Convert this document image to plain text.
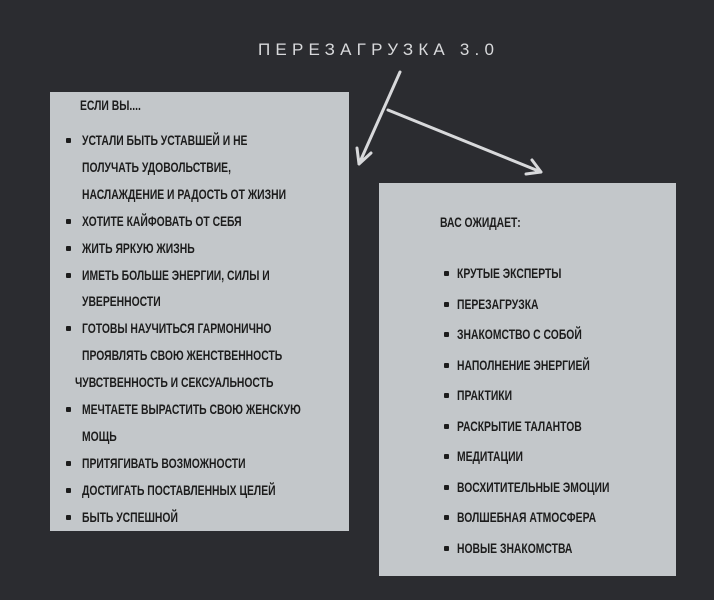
ПЕРЕЗАГРУЗКА 3.0
ЕСЛИ ВЫ....
УСТАЛИ БЫТЬ УСТАВШЕЙ И НЕ
ПОЛУЧАТЬ УДОВОЛЬСТВИЕ,
НАСЛАЖДЕНИЕ И РАДОСТЬ ОТ ЖИЗНИ
ХОТИТЕ КАЙФОВАТЬ ОТ СЕБЯ
ЖИТЬ ЯРКУЮ ЖИЗНЬ
ИМЕТЬ БОЛЬШЕ ЭНЕРГИИ, СИЛЫ И
УВЕРЕННОСТИ
ГОТОВЫ НАУЧИТЬСЯ ГАРМОНИЧНО
ПРОЯВЛЯТЬ СВОЮ ЖЕНСТВЕННОСТЬ
ЧУВСТВЕННОСТЬ И СЕКСУАЛЬНОСТЬ
МЕЧТАЕТЕ ВЫРАСТИТЬ СВОЮ ЖЕНСКУЮ
МОЩЬ
ПРИТЯГИВАТЬ ВОЗМОЖНОСТИ
ДОСТИГАТЬ ПОСТАВЛЕННЫХ ЦЕЛЕЙ
БЫТЬ УСПЕШНОЙ
ВАС ОЖИДАЕТ:
КРУТЫЕ ЭКСПЕРТЫ
ПЕРЕЗАГРУЗКА
ЗНАКОМСТВО С СОБОЙ
НАПОЛНЕНИЕ ЭНЕРГИЕЙ
ПРАКТИКИ
РАСКРЫТИЕ ТАЛАНТОВ
МЕДИТАЦИИ
ВОСХИТИТЕЛЬНЫЕ ЭМОЦИИ
ВОЛШЕБНАЯ АТМОСФЕРА
НОВЫЕ ЗНАКОМСТВА
